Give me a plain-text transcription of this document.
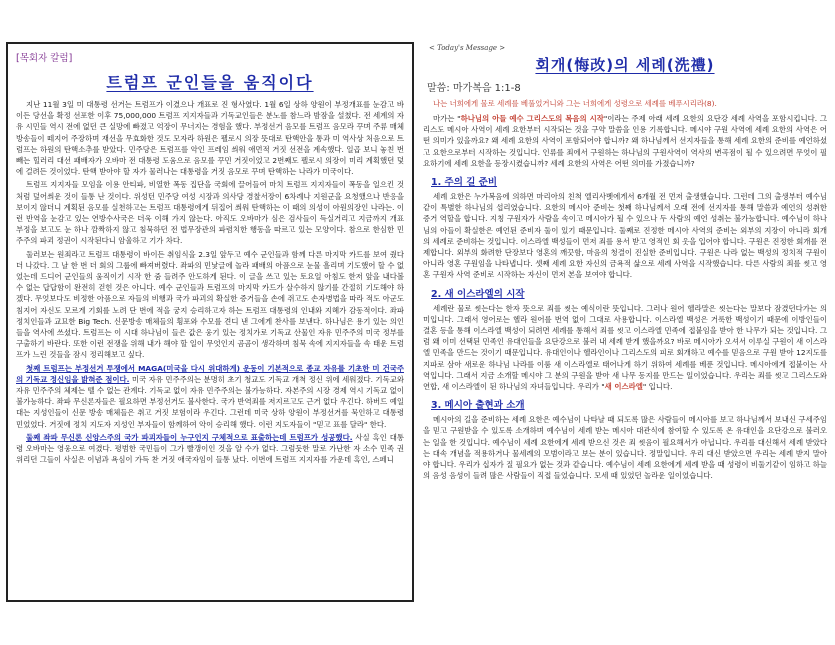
[목회자 칼럼]
트럼프 군인들을 움직이다

지난 11월 3일 미 대통령 선거는 트럼프가 이겼으나 개표로 진 형사였다. 1월 6일 상하 양원이 부정개표를 눈감고 바이든 당선을 확정 선포한 이후 75,000,000 트럼프 지지자들과 기독교인들은 분노를 참느라 밤잠을 설쳤다. 전 세계의 자유 시민들 역시 전에 없던 큰 실망에 빠졌고 억장이 무너지는 경험을 했다. 부정선거 음모를 트럼프 음모라 꾸며 주류 매체 방송들이 떼지어 주장하며 재선을 무효화한 것도 모자라 하원은 펠로시 의장 뜻대로 탄핵안을 통과 미 역사상 처음으로 트럼프는 하원의 탄핵소추를 받았다. 민주당은 트럼프를 악인 프레임 씌워 애먼적 거짓 선전을 계속했다. 일곱 보니 놓친 번 빼는 힐러리 대선 패배자가 오바마 전 대통령 도움으로 음모를 꾸민 거짓이었고 2번째도 펠로시 의장이 미리 계획했던 덫에 걸려든 것이었다. 탄핵 받아야 할 자가 물러나는 대통령을 거짓 음모로 꾸며 탄핵하는 나라가 미국이다.

트럼프 지지자들 모임을 이용 안티파, 비열한 폭동 집단을 국회에 끌어들여 마치 트럼프 지지자들이 폭동을 일으킨 것처럼 덮어씌운 것이 들통 난 것이다. 위성턴 민주당 여성 시장과 의사당 경찰서장이 6차례나 지원군을 요청했으나 반응을 보이지 않더니 계획된 음모를 실천하고는 트럼프 대통령에게 뒤집어 씌워 탄핵하는 이 때의 의성이 아원의장인 나라는. 이런 반역을 눈감고 있는 연방수사국은 더욱 이해 가지 않는다. 아직도 오바마가 심은 검사들이 득실거리고 지금까지 개표 부정을 보고도 눈 하나 깜짝하지 않고 침묵하던 전 법무장관의 파렴치한 행동을 따르고 있는 모양이다. 참으로 한심한 민주주의 파괴 정권이 시작된다니 암울하고 기가 차다.

둘러보는 원죄라고 트럼프 대통령이 바이든 취임식을 2.3일 앞두고 예수 군인들과 함께 다른 마지막 카드를 보여 줬다 더 나갔다. 그 날 한 번 더 회의 그룹에 빠져버렸다. 좌파의 민낯글에 놀라 패배의 아픔으로 눈물 흘리며 기도했어 할 수 없었는데 드디어 군인들의 움직이기 시작 한 줌 들려주 안도하게 된다. 이 글을 쓰고 있는 토요일 아침도 한저 앞을 내다볼 수 없는 답답함이 완전히 걷힌 것은 아니다. 예수 군인들과 트럼프의 마지막 카드가 살수하지 않기를 간절히 기도해야 하겠다. 무엇보다도 비정한 아픔으로 자들의 비행과 국가 파괴의 확실한 증거들을 손에 쥐고도 손자병법을 따라 적도 아군도 침지어 자신도 모르게 기회를 노려 단 번에 적을 궁지 승리하고자 하는 트럼프 대통령의 인내와 지혜가 감동적이다. 좌파 정치인들과 교묘한 Big Tech. 신문방송 매체들의 횡포와 수모를 견디 낸 그에게 찬사를 보낸다. 하나님은 용기 있는 의인들을 역사에 쓰셨다. 트럼프는 이 시대 하나님이 들은 값은 웅기 있는 정치가로 기독교 산물인 자유 민주주의 미국 정부를 구출하기 바란다. 또한 이런 전쟁을 위해 내가 해야 할 일이 무엇인지 곰곰이 생각하며 침묵 속에 지지자들을 속 태운 트럼프가 느린 것들을 잠시 정리해보고 싶다.

첫째 트럼프는 부정선거 투쟁에서 MAGA(미국을 다시 위대하게) 운동이 기본적으로 종교 자유를 기초한 미 건국주의 기독교 정신임을 밝혀준 점이다. 미국 자유 민주주의는 분명히 초기 청교도 기독교 개척 정신 위에 세워졌다. 기독교와 자유 민주주의 체제는 뗄 수 없는 관계다. 기독교 없이 자유 민주주의는 불가능하다. 자본주의 시장 경제 역시 기독교 없이 불가능하다. 좌파 무신론자들은 필요하면 부정선거도 불사한다. 국가 반역죄를 저지르고도 근거 없다 우긴다. 하버드 예일대는 지성인들이 신문 방송 매체들은 취고 거짓 보험이라 우긴다. 그런데 미국 상하 양원이 부정선거를 묵인하고 대통령 민었었다. 거짓에 정치 지도자 지성인 부자들이 함께하여 악이 승리해 했다. 이런 지도자들이 "믿고 표를 달라" 한다.

둘째 좌파 무신론 신앙스주의 국가 파괴자들이 누구인지 구체적으로 표출하는데 트럼프가 성공했다. 사실 흑인 대통령 오바마는 영웅으로 여겼다. 평범한 국민들이 그가 빨갱이인 것을 알 수가 없다. 그럼듯한 말로 가난한 자 소수 민족 권위리던 그들이 사실은 이념과 욕심이 가득 찬 거짓 애국자임이 들통 났다. 이번에 트럼프 지지자를 가운데 흑인, 스페니

< Today's Message >
회개(悔改)의 세례(洗禮)
말씀: 마가복음 1:1-8
나는 너희에게 물로 세례를 베풀었거니와 그는 너희에게 성령으로 세례를 베푸시리라(8).

마가는 "하나님의 아들 예수 그리스도의 복음의 시작"이라는 주제 아래 세례 요한의 요단강 세례 사역을 포함시킵니다. 그리스도 메시아 사역이 세례 요한부터 시작되는 것을 구약 말씀을 인용 기록합니다. 메시야 구원 사역에 세례 요한의 사역은 어떤 의미가 있을까요? 왜 세례 요한의 사역이 포함되어야 합니까? 왜 하나님께서 선지자들을 통해 세례 요한의 준비를 예언하셨고 요한으로부터 시작하는 것입니다. 인류를 죄에서 구원하는 하나님의 구원사역이 역사의 변곡점이 될 수 있으려면 무엇이 필요하기에 세례 요한을 등장시켰습니까? 세례 요한의 사역은 어떤 의미를 가졌습니까?

1. 주의 길 준비

세례 요한은 누가복음에 의하면 마리아의 친척 엘리사벳에게서 6개월 전 먼저 출생했습니다. 그런데 그의 출생부터 예수님 같이 특별한 하나님의 섭리였습니다. 요한의 메시아 준비는 첫째 하나님께서 오래 전에 선지자를 통해 말씀과 예언의 성취한 증거 역할을 합니다. 지칭 구원자가 사람을 속이고 메시아가 될 수 있으나 두 사람의 예언 성취는 불가능합니다. 예수님이 하나님의 아들이 확실한은 예언된 준비자 둘이 있기 때문입니다. 둘째로 진정한 메시아 사역의 준비는 외부의 지장이 아니라 회개의 세례로 준비하는 것입니다. 이스라엘 백성들이 먼저 죄를 용서 받고 영적인 회 옷을 입어야 합니다. 구원은 진정한 회개를 전제합니다. 외부의 화려한 단장보다 영혼의 깨끗함, 마음의 청결이 진실한 준비입니다. 구원은 나라 없는 백성의 정치적 구원이 아니라 영혼 구원임을 나타냅니다. 셋째 세례 요한 자신의 금욕적 삶으로 세례 사역을 시작했습니다. 다른 사람의 죄를 씻고 영혼 구원자 사역 준비로 시작하는 자신이 먼저 본을 보여야 합니다.

2. 새 이스라엘의 시작

세례란 물로 씻는다는 한자 뜻으로 죄를 씻는 예식이란 뜻입니다. 그러나 원어 헬라말은 씻는다는 말보다 잠겼던다가는 의미입니다. 그래서 영어로는 헬라 원어를 번역 없이 그대로 사용합니다. 이스라엘 백성은 거룩한 백성이기 때문에 이방인들이 결혼 등을 통해 이스라엘 백성이 되려면 세례를 통해서 죄를 씻고 이스라엘 민족에 접붙임을 받아 한 나무가 되는 것입니다. 그럼 왜 이미 선택된 민족인 유대인들을 요단강으로 불러 내 세례 받게 했을까요? 바로 메시아가 오셔서 이루실 구원이 새 이스라엘 민족을 만드는 것이기 때문입니다. 유대인이나 헬라인이나 그리스도의 피로 회개하고 예수를 믿음으로 구원 받아 12지도를 지파로 삼아 새로운 하나님 나라를 이룸 새 이스라엘로 태어나게 하기 위하여 세례를 베푼 것입니다. 메시아에게 접붙이는 사역입니다. 그래서 지금 소개할 메시야 그 분의 구원을 받아 새 나무 동지를 만드는 일이었습니다. 우리는 죄를 씻고 그리스도와 연합, 새 이스라엘이 된 하나님의 자녀들입니다. 우리가 "새 이스라엘" 입니다.

3. 메시아 출현과 소개

메시아의 길을 준비하는 세례 요한은 예수님이 나타날 때 되도록 많은 사람들이 메시아를 보고 하나님께서 보내신 구세주임을 믿고 구원받을 수 있도록 소개하며 예수님이 세례 받는 메시아 대관식에 참여할 수 있도록 온 유대인을 요단강으로 불러오는 일을 한 것입니다. 예수님이 세례 요한에게 세례 받으신 것은 죄 씻음이 필요해서가 아닙니다. 우리를 대신해서 세례 받았다는 대속 개념을 적용하거나 물세례의 모범이라고 보는 분이 있습니다. 정말입니다. 우리 대신 받았으면 우리는 세례 받지 말아야 합니다. 우리가 십자가 질 필요가 없는 것과 같습니다. 예수님이 세례 요한에게 세례 받을 때 성령이 비둘기같이 임하고 하늘의 음성 음성이 들려 많은 사람들이 직접 들었습니다. 모세 때 있었던 놀라운 일이었습니다.
